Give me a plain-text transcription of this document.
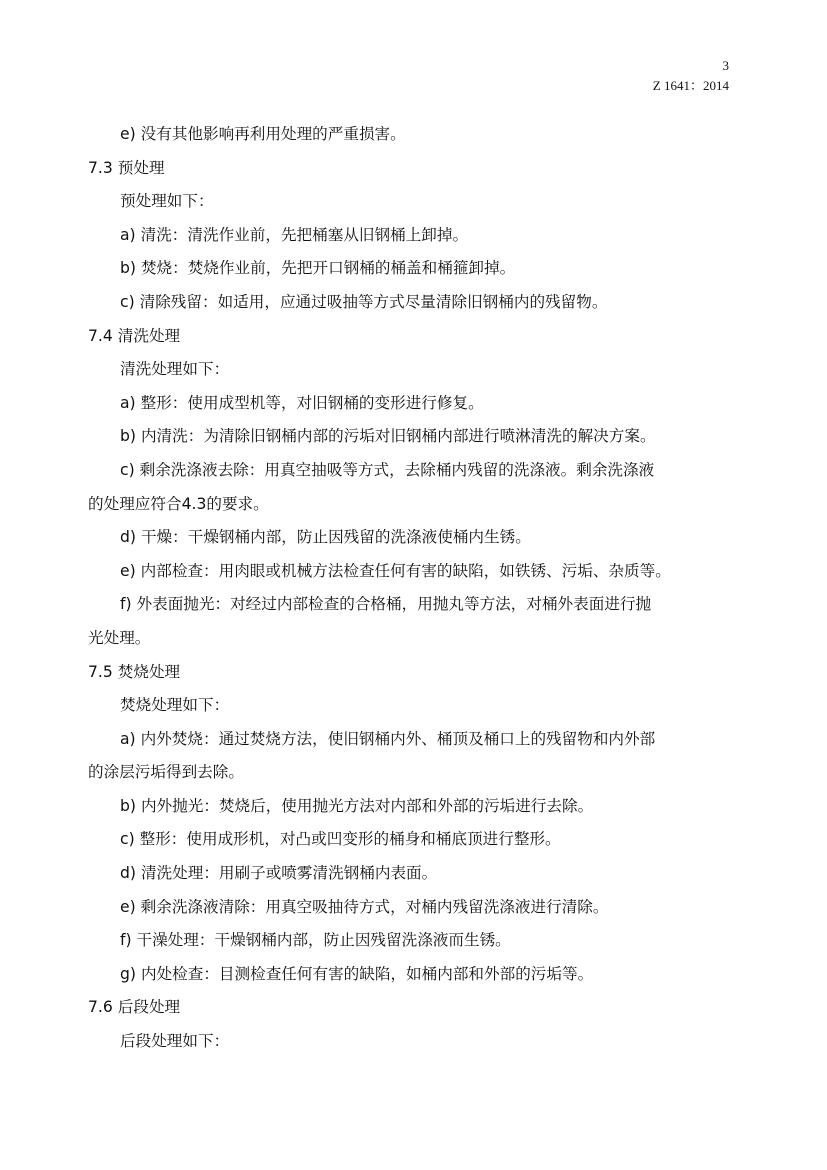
3
Z 1641：2014
e) 没有其他影响再利用处理的严重损害。
7.3 预处理
预处理如下：
a) 清洗：清洗作业前，先把桶塞从旧钢桶上卸掉。
b) 焚烧：焚烧作业前，先把开口钢桶的桶盖和桶箍卸掉。
c) 清除残留：如适用，应通过吸抽等方式尽量清除旧钢桶内的残留物。
7.4 清洗处理
清洗处理如下：
a) 整形：使用成型机等，对旧钢桶的变形进行修复。
b) 内清洗：为清除旧钢桶内部的污垢对旧钢桶内部进行喷淋清洗的解决方案。
c) 剩余洗涤液去除：用真空抽吸等方式，去除桶内残留的洗涤液。剩余洗涤液
的处理应符合4.3的要求。
d) 干燥：干燥钢桶内部，防止因残留的洗涤液使桶内生锈。
e) 内部检查：用肉眼或机械方法检查任何有害的缺陷，如铁锈、污垢、杂质等。
f) 外表面抛光：对经过内部检查的合格桶，用抛丸等方法，对桶外表面进行抛
光处理。
7.5 焚烧处理
焚烧处理如下：
a) 内外焚烧：通过焚烧方法，使旧钢桶内外、桶顶及桶口上的残留物和内外部
的涂层污垢得到去除。
b) 内外抛光：焚烧后，使用抛光方法对内部和外部的污垢进行去除。
c) 整形：使用成形机，对凸或凹变形的桶身和桶底顶进行整形。
d) 清洗处理：用刷子或喷雾清洗钢桶内表面。
e) 剩余洗涤液清除：用真空吸抽待方式，对桶内残留洗涤液进行清除。
f) 干澡处理：干燥钢桶内部，防止因残留洗涤液而生锈。
g) 内处检查：目测检查任何有害的缺陷，如桶内部和外部的污垢等。
7.6 后段处理
后段处理如下：
